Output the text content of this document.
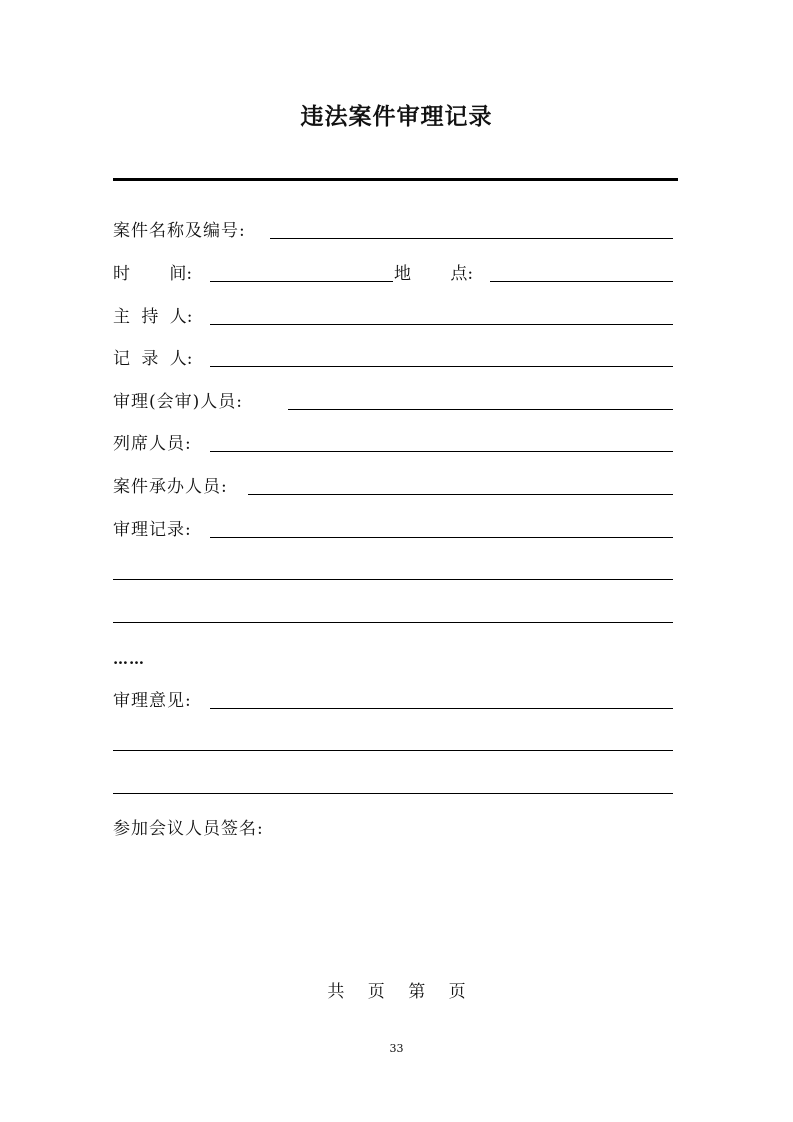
违法案件审理记录
案件名称及编号:
时 间:	地 点:
主 持 人:
记 录 人:
审理(会审)人员:
列席人员:
案件承办人员:
审理记录:
……
审理意见:
参加会议人员签名:
共 页 第 页
33
